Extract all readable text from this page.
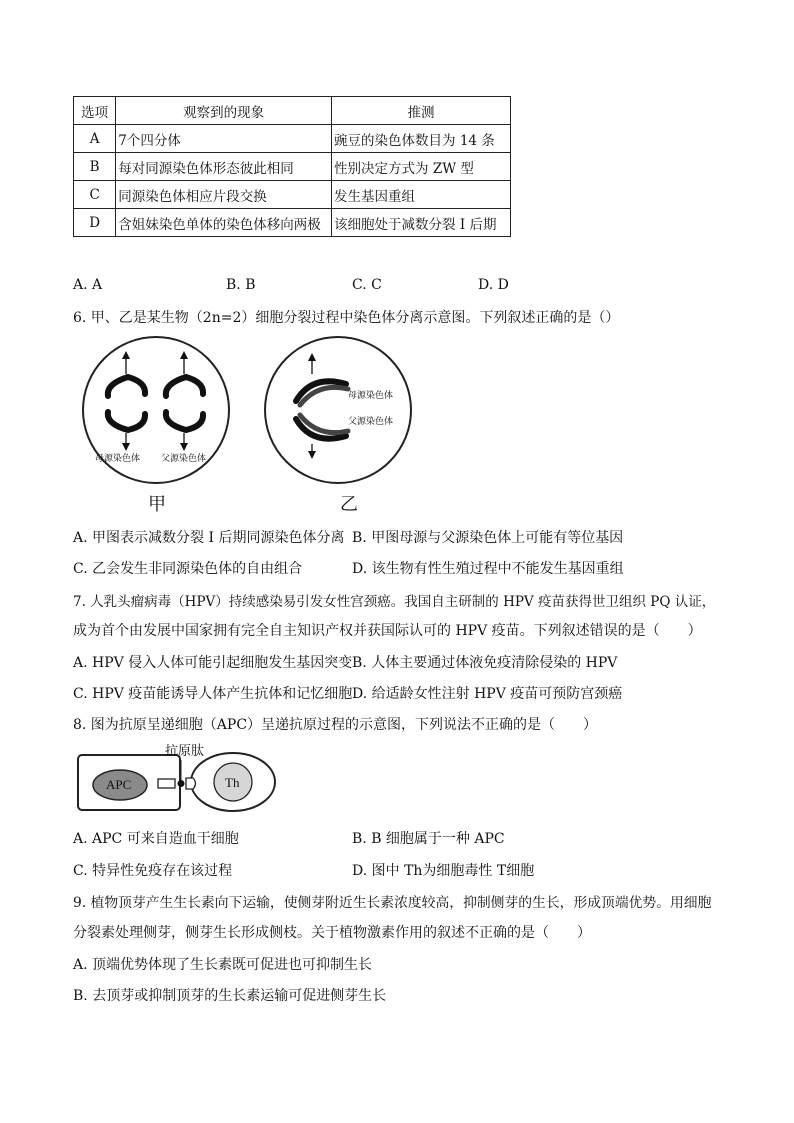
选项	观察到的现象	推测
A	7个四分体	豌豆的染色体数目为 14 条
B	每对同源染色体形态彼此相同	性别决定方式为 ZW 型
C	同源染色体相应片段交换	发生基因重组
D	含姐妹染色单体的染色体移向两极	该细胞处于减数分裂 I 后期
A. A	B. B	C. C	D. D
6. 甲、乙是某生物（2n=2）细胞分裂过程中染色体分离示意图。下列叙述正确的是（）
母源染色体 父源染色体
甲
母源染色体
父源染色体
乙
A. 甲图表示减数分裂 I 后期同源染色体分离 B. 甲图母源与父源染色体上可能有等位基因
C. 乙会发生非同源染色体的自由组合	D. 该生物有性生殖过程中不能发生基因重组
7. 人乳头瘤病毒（HPV）持续感染易引发女性宫颈癌。我国自主研制的 HPV 疫苗获得世卫组织 PQ 认证，
成为首个由发展中国家拥有完全自主知识产权并获国际认可的 HPV 疫苗。下列叙述错误的是（　　）
A. HPV 侵入人体可能引起细胞发生基因突变 B. 人体主要通过体液免疫清除侵染的 HPV
C. HPV 疫苗能诱导人体产生抗体和记忆细胞 D. 给适龄女性注射 HPV 疫苗可预防宫颈癌
8. 图为抗原呈递细胞（APC）呈递抗原过程的示意图，下列说法不正确的是（　　）
抗原肽
APC	Th
A. APC 可来自造血干细胞	B. B 细胞属于一种 APC
C. 特异性免疫存在该过程	D. 图中 Th为细胞毒性 T细胞
9. 植物顶芽产生生长素向下运输，使侧芽附近生长素浓度较高，抑制侧芽的生长，形成顶端优势。用细胞
分裂素处理侧芽，侧芽生长形成侧枝。关于植物激素作用的叙述不正确的是（　　）
A. 顶端优势体现了生长素既可促进也可抑制生长
B. 去顶芽或抑制顶芽的生长素运输可促进侧芽生长
